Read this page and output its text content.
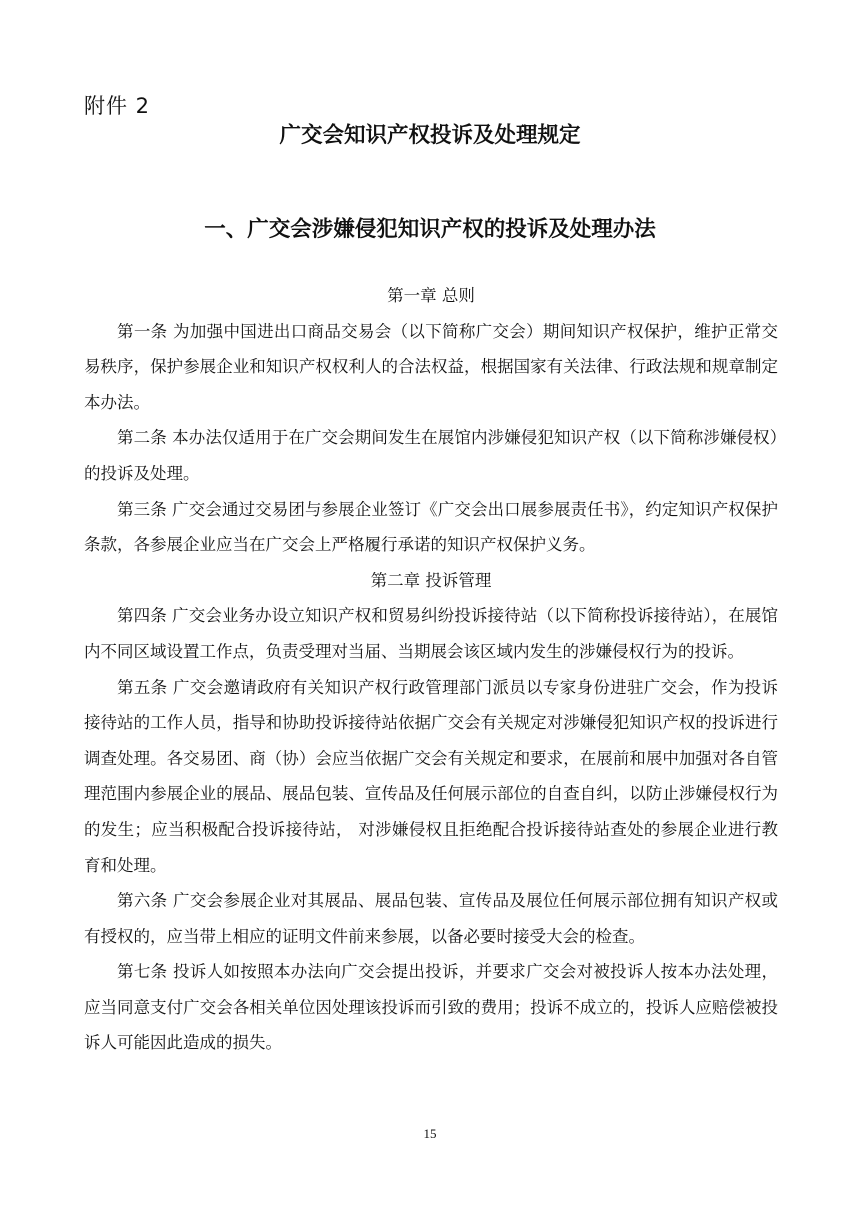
附件 2
广交会知识产权投诉及处理规定
一、广交会涉嫌侵犯知识产权的投诉及处理办法
第一章 总则

第一条 为加强中国进出口商品交易会（以下简称广交会）期间知识产权保护，维护正常交易秩序，保护参展企业和知识产权权利人的合法权益，根据国家有关法律、行政法规和规章制定本办法。

第二条 本办法仅适用于在广交会期间发生在展馆内涉嫌侵犯知识产权（以下简称涉嫌侵权）的投诉及处理。

第三条 广交会通过交易团与参展企业签订《广交会出口展参展责任书》，约定知识产权保护条款，各参展企业应当在广交会上严格履行承诺的知识产权保护义务。

第二章 投诉管理

第四条 广交会业务办设立知识产权和贸易纠纷投诉接待站（以下简称投诉接待站），在展馆内不同区域设置工作点，负责受理对当届、当期展会该区域内发生的涉嫌侵权行为的投诉。

第五条 广交会邀请政府有关知识产权行政管理部门派员以专家身份进驻广交会，作为投诉接待站的工作人员，指导和协助投诉接待站依据广交会有关规定对涉嫌侵犯知识产权的投诉进行调查处理。各交易团、商（协）会应当依据广交会有关规定和要求，在展前和展中加强对各自管理范围内参展企业的展品、展品包装、宣传品及任何展示部位的自查自纠，以防止涉嫌侵权行为的发生；应当积极配合投诉接待站， 对涉嫌侵权且拒绝配合投诉接待站查处的参展企业进行教育和处理。

第六条 广交会参展企业对其展品、展品包装、宣传品及展位任何展示部位拥有知识产权或有授权的，应当带上相应的证明文件前来参展，以备必要时接受大会的检查。

第七条 投诉人如按照本办法向广交会提出投诉，并要求广交会对被投诉人按本办法处理，应当同意支付广交会各相关单位因处理该投诉而引致的费用；投诉不成立的，投诉人应赔偿被投诉人可能因此造成的损失。

15
